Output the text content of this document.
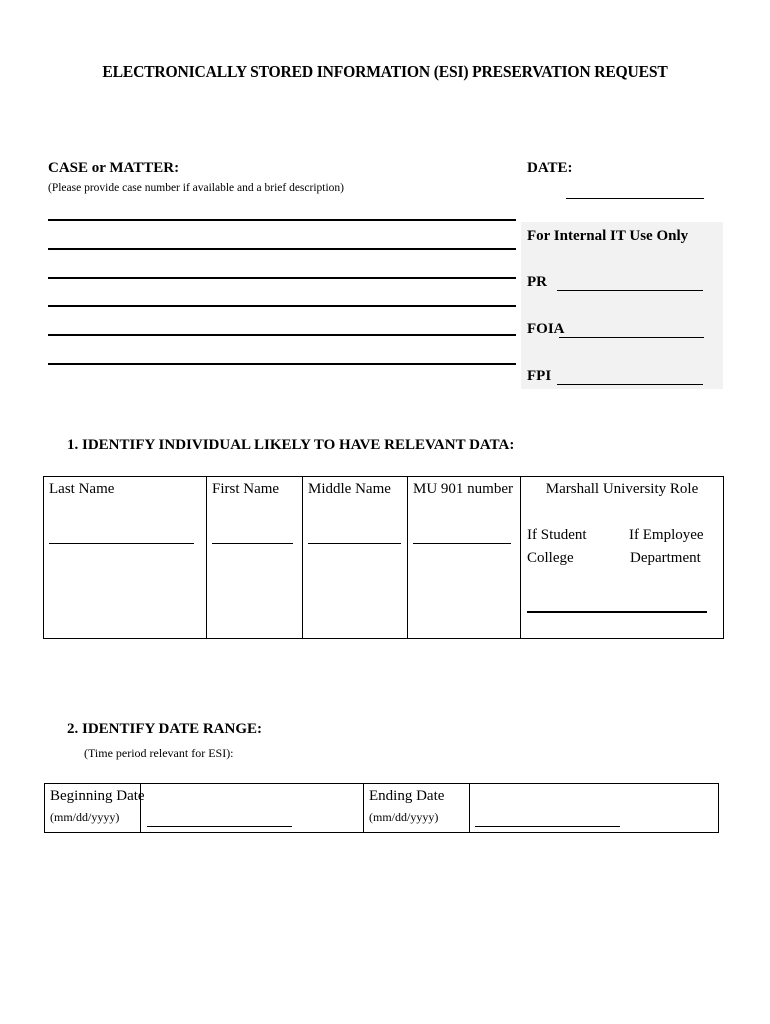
ELECTRONICALLY STORED INFORMATION (ESI) PRESERVATION REQUEST
CASE or MATTER:
(Please provide case number if available and a brief description)
DATE:
For Internal IT Use Only
PR
FOIA
FPI
1. IDENTIFY INDIVIDUAL LIKELY TO HAVE RELEVANT DATA:
Last Name	First Name Middle Name MU 901 number	Marshall University Role
If Student
College
If Employee
Department
2. IDENTIFY DATE RANGE:
(Time period relevant for ESI):
Beginning Date
(mm/dd/yyyy)
Ending Date
(mm/dd/yyyy)
